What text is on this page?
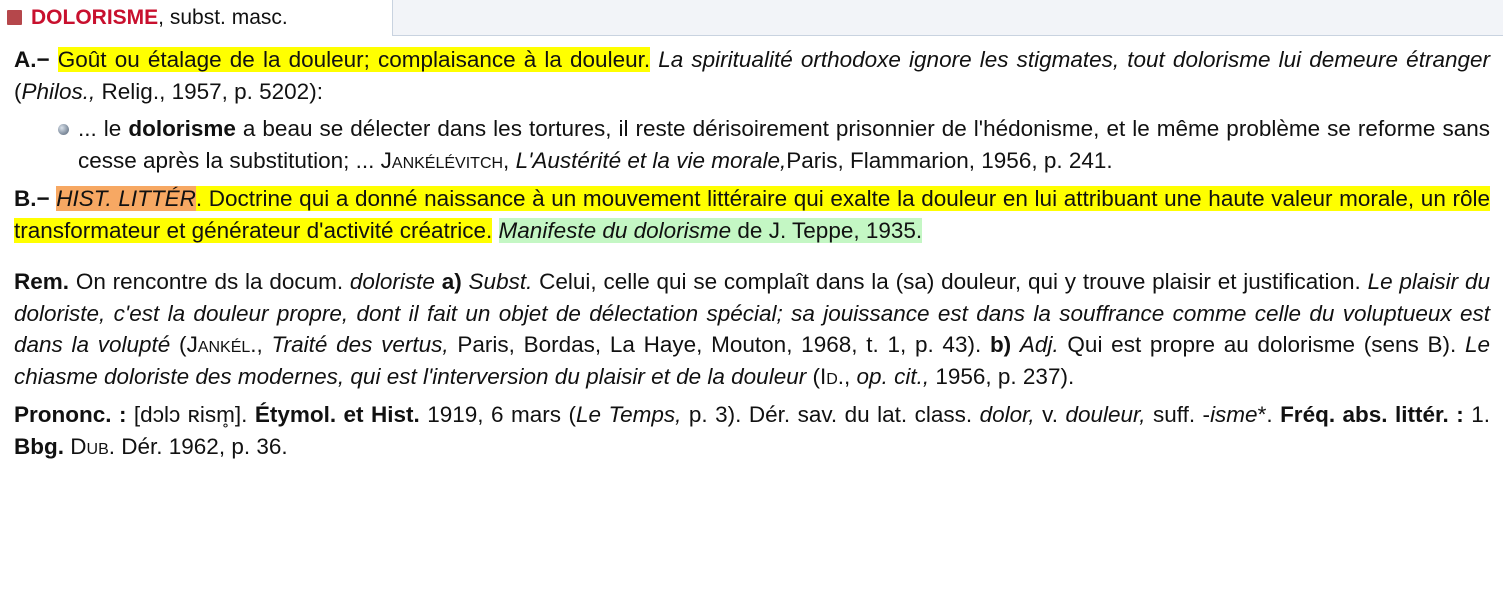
DOLORISME, subst. masc.
A.− Goût ou étalage de la douleur; complaisance à la douleur. La spiritualité orthodoxe ignore les stigmates, tout dolorisme lui demeure étranger (Philos., Relig., 1957, p. 5202):
... le dolorisme a beau se délecter dans les tortures, il reste dérisoirement prisonnier de l'hédonisme, et le même problème se reforme sans cesse après la substitution; ... Jankélévitch, L'Austérité et la vie morale,Paris, Flammarion, 1956, p. 241.
B.− HIST. LITTÉR. Doctrine qui a donné naissance à un mouvement littéraire qui exalte la douleur en lui attribuant une haute valeur morale, un rôle transformateur et générateur d'activité créatrice. Manifeste du dolorisme de J. Teppe, 1935.
Rem. On rencontre ds la docum. doloriste a) Subst. Celui, celle qui se complaît dans la (sa) douleur, qui y trouve plaisir et justification. Le plaisir du doloriste, c'est la douleur propre, dont il fait un objet de délectation spécial; sa jouissance est dans la souffrance comme celle du voluptueux est dans la volupté (Jankél., Traité des vertus, Paris, Bordas, La Haye, Mouton, 1968, t. 1, p. 43). b) Adj. Qui est propre au dolorisme (sens B). Le chiasme doloriste des modernes, qui est l'interversion du plaisir et de la douleur (Id., op. cit., 1956, p. 237).
Prononc. : [dɔlɔ ʀism̥]. Étymol. et Hist. 1919, 6 mars (Le Temps, p. 3). Dér. sav. du lat. class. dolor, v. douleur, suff. -isme*. Fréq. abs. littér. : 1. Bbg. Dub. Dér. 1962, p. 36.
